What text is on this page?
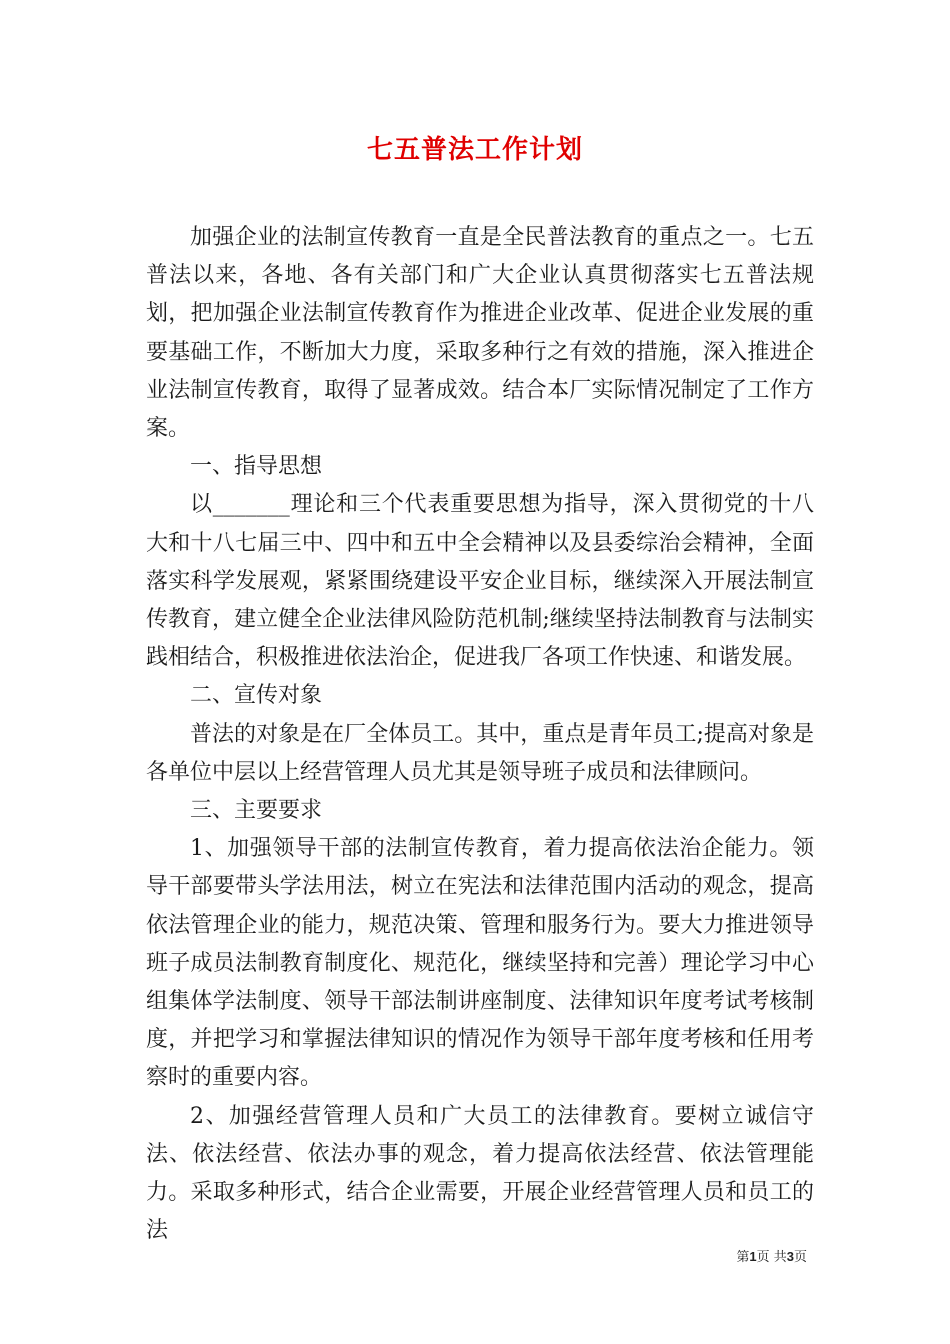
七五普法工作计划

加强企业的法制宣传教育一直是全民普法教育的重点之一。七五普法以来，各地、各有关部门和广大企业认真贯彻落实七五普法规划，把加强企业法制宣传教育作为推进企业改革、促进企业发展的重要基础工作，不断加大力度，采取多种行之有效的措施，深入推进企业法制宣传教育，取得了显著成效。结合本厂实际情况制定了工作方案。

一、指导思想

以_______理论和三个代表重要思想为指导，深入贯彻党的十八大和十八七届三中、四中和五中全会精神以及县委综治会精神，全面落实科学发展观，紧紧围绕建设平安企业目标，继续深入开展法制宣传教育，建立健全企业法律风险防范机制;继续坚持法制教育与法制实践相结合，积极推进依法治企，促进我厂各项工作快速、和谐发展。

二、宣传对象

普法的对象是在厂全体员工。其中，重点是青年员工;提高对象是各单位中层以上经营管理人员尤其是领导班子成员和法律顾问。

三、主要要求

1、加强领导干部的法制宣传教育，着力提高依法治企能力。领导干部要带头学法用法，树立在宪法和法律范围内活动的观念，提高依法管理企业的能力，规范决策、管理和服务行为。要大力推进领导班子成员法制教育制度化、规范化，继续坚持和完善）理论学习中心组集体学法制度、领导干部法制讲座制度、法律知识年度考试考核制度，并把学习和掌握法律知识的情况作为领导干部年度考核和任用考察时的重要内容。

2、加强经营管理人员和广大员工的法律教育。要树立诚信守法、依法经营、依法办事的观念，着力提高依法经营、依法管理能力。采取多种形式，结合企业需要，开展企业经营管理人员和员工的法

第1页 共3页
